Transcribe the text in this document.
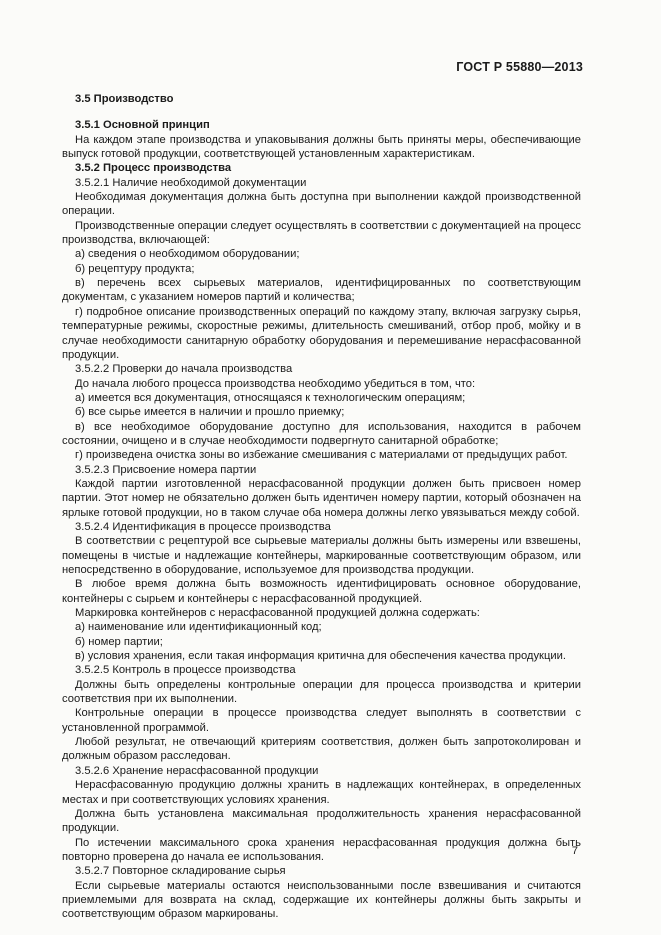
ГОСТ Р 55880—2013

3.5 Производство

3.5.1 Основной принцип

На каждом этапе производства и упаковывания должны быть приняты меры, обеспечивающие выпуск готовой продукции, соответствующей установленным характеристикам.

3.5.2 Процесс производства

3.5.2.1 Наличие необходимой документации

Необходимая документация должна быть доступна при выполнении каждой производственной операции.

Производственные операции следует осуществлять в соответствии с документацией на процесс производства, включающей:

а) сведения о необходимом оборудовании;

б) рецептуру продукта;

в) перечень всех сырьевых материалов, идентифицированных по соответствующим документам, с указанием номеров партий и количества;

г) подробное описание производственных операций по каждому этапу, включая загрузку сырья, температурные режимы, скоростные режимы, длительность смешиваний, отбор проб, мойку и в случае необходимости санитарную обработку оборудования и перемешивание нерасфасованной продукции.

3.5.2.2 Проверки до начала производства

До начала любого процесса производства необходимо убедиться в том, что:

а) имеется вся документация, относящаяся к технологическим операциям;

б) все сырье имеется в наличии и прошло приемку;

в) все необходимое оборудование доступно для использования, находится в рабочем состоянии, очищено и в случае необходимости подвергнуто санитарной обработке;

г) произведена очистка зоны во избежание смешивания с материалами от предыдущих работ.

3.5.2.3 Присвоение номера партии

Каждой партии изготовленной нерасфасованной продукции должен быть присвоен номер партии. Этот номер не обязательно должен быть идентичен номеру партии, который обозначен на ярлыке готовой продукции, но в таком случае оба номера должны легко увязываться между собой.

3.5.2.4 Идентификация в процессе производства

В соответствии с рецептурой все сырьевые материалы должны быть измерены или взвешены, помещены в чистые и надлежащие контейнеры, маркированные соответствующим образом, или непосредственно в оборудование, используемое для производства продукции.

В любое время должна быть возможность идентифицировать основное оборудование, контейнеры с сырьем и контейнеры с нерасфасованной продукцией.

Маркировка контейнеров с нерасфасованной продукцией должна содержать:

а) наименование или идентификационный код;

б) номер партии;

в) условия хранения, если такая информация критична для обеспечения качества продукции.

3.5.2.5 Контроль в процессе производства

Должны быть определены контрольные операции для процесса производства и критерии соответствия при их выполнении.

Контрольные операции в процессе производства следует выполнять в соответствии с установленной программой.

Любой результат, не отвечающий критериям соответствия, должен быть запротоколирован и должным образом расследован.

3.5.2.6 Хранение нерасфасованной продукции

Нерасфасованную продукцию должны хранить в надлежащих контейнерах, в определенных местах и при соответствующих условиях хранения.

Должна быть установлена максимальная продолжительность хранения нерасфасованной продукции.

По истечении максимального срока хранения нерасфасованная продукция должна быть повторно проверена до начала ее использования.

3.5.2.7 Повторное складирование сырья

Если сырьевые материалы остаются неиспользованными после взвешивания и считаются приемлемыми для возврата на склад, содержащие их контейнеры должны быть закрыты и соответствующим образом маркированы.

7
